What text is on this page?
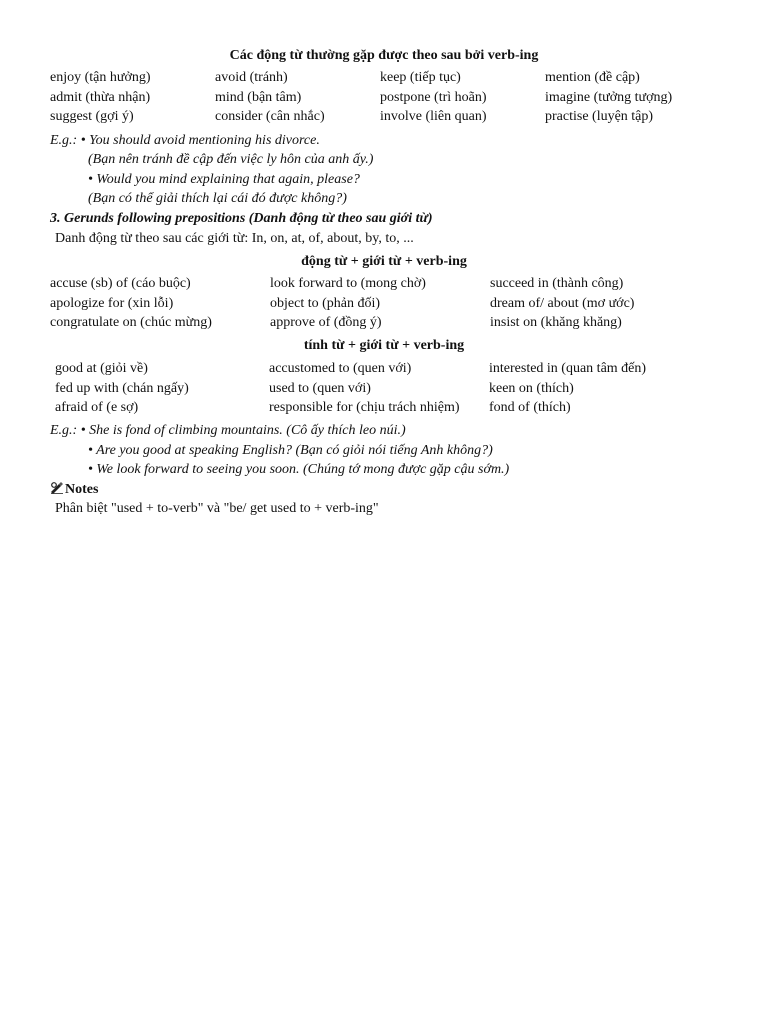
Các động từ thường gặp được theo sau bởi verb-ing
enjoy (tận hưởng)	avoid (tránh)	keep (tiếp tục)	mention (đề cập)
admit (thừa nhận)	mind (bận tâm)	postpone (trì hoãn)	imagine (tưởng tượng)
suggest (gợi ý)	consider (cân nhắc)	involve (liên quan)	practise (luyện tập)
E.g.: • You should avoid mentioning his divorce.
(Bạn nên tránh đề cập đến việc ly hôn của anh ấy.)
• Would you mind explaining that again, please?
(Bạn có thể giải thích lại cái đó được không?)
3. Gerunds following prepositions (Danh động từ theo sau giới từ)
Danh động từ theo sau các giới từ: In, on, at, of, about, by, to, ...
động từ + giới từ + verb-ing
accuse (sb) of (cáo buộc)	look forward to (mong chờ)	succeed in (thành công)
apologize for (xin lỗi)	object to (phản đối)	dream of/ about (mơ ước)
congratulate on (chúc mừng)	approve of (đồng ý)	insist on (khăng khăng)
tính từ + giới từ + verb-ing
good at (giỏi về)	accustomed to (quen với)	interested in (quan tâm đến)
fed up with (chán ngấy)	used to (quen với)	keen on (thích)
afraid of (e sợ)	responsible for (chịu trách nhiệm)	fond of (thích)
E.g.: • She is fond of climbing mountains. (Cô ấy thích leo núi.)
• Are you good at speaking English? (Bạn có giỏi nói tiếng Anh không?)
• We look forward to seeing you soon. (Chúng tớ mong được gặp cậu sớm.)
Notes
Phân biệt "used + to-verb" và "be/ get used to + verb-ing"
